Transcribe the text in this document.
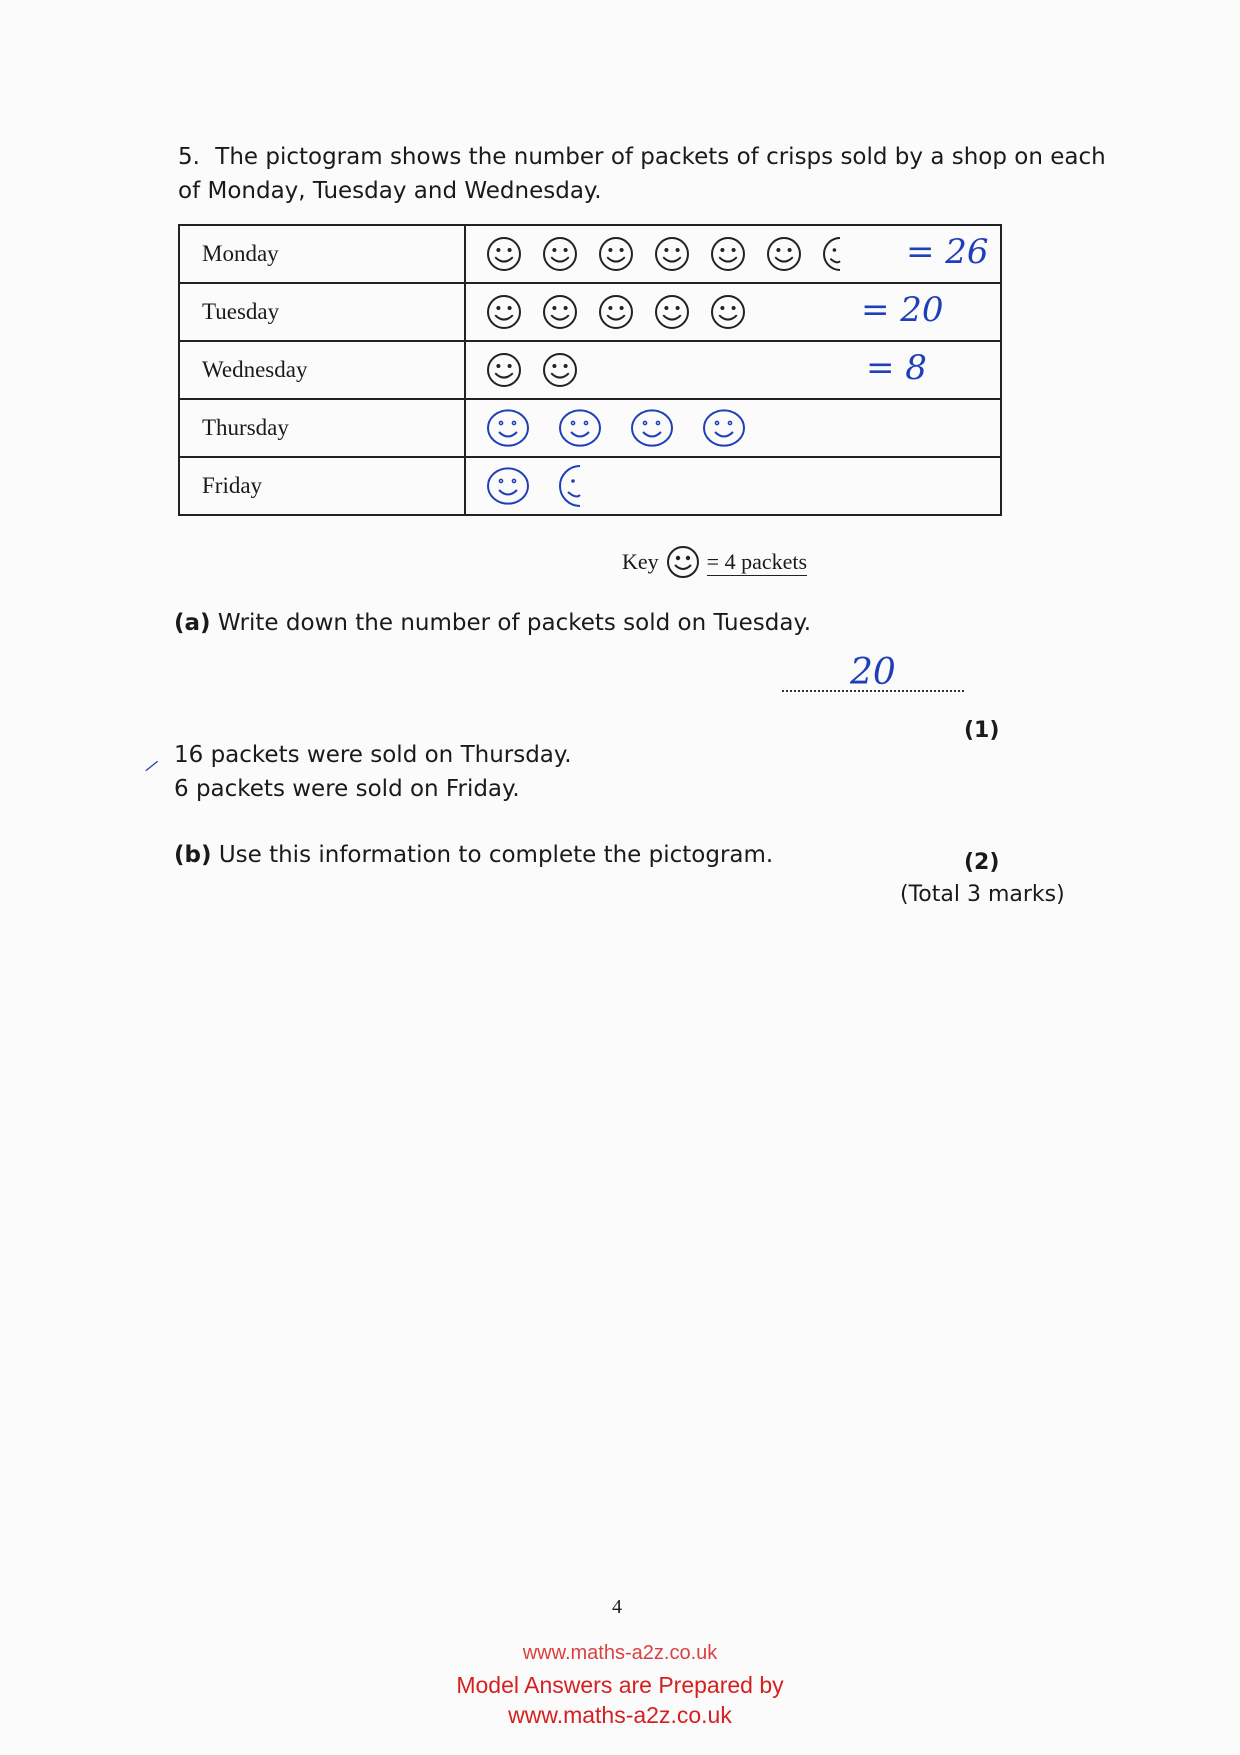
5. The pictogram shows the number of packets of crisps sold by a shop on each
of Monday, Tuesday and Wednesday.
Monday	= 26

Tuesday	= 20

Wednesday	= 8

Thursday	

Friday	
Key = 4 packets
(a) Write down the number of packets sold on Tuesday.
20
(1)
⸝ 16 packets were sold on Thursday.
6 packets were sold on Friday.
(b) Use this information to complete the pictogram.	(2)
(Total 3 marks)
4
www.maths-a2z.co.uk
Model Answers are Prepared by
www.maths-a2z.co.uk
